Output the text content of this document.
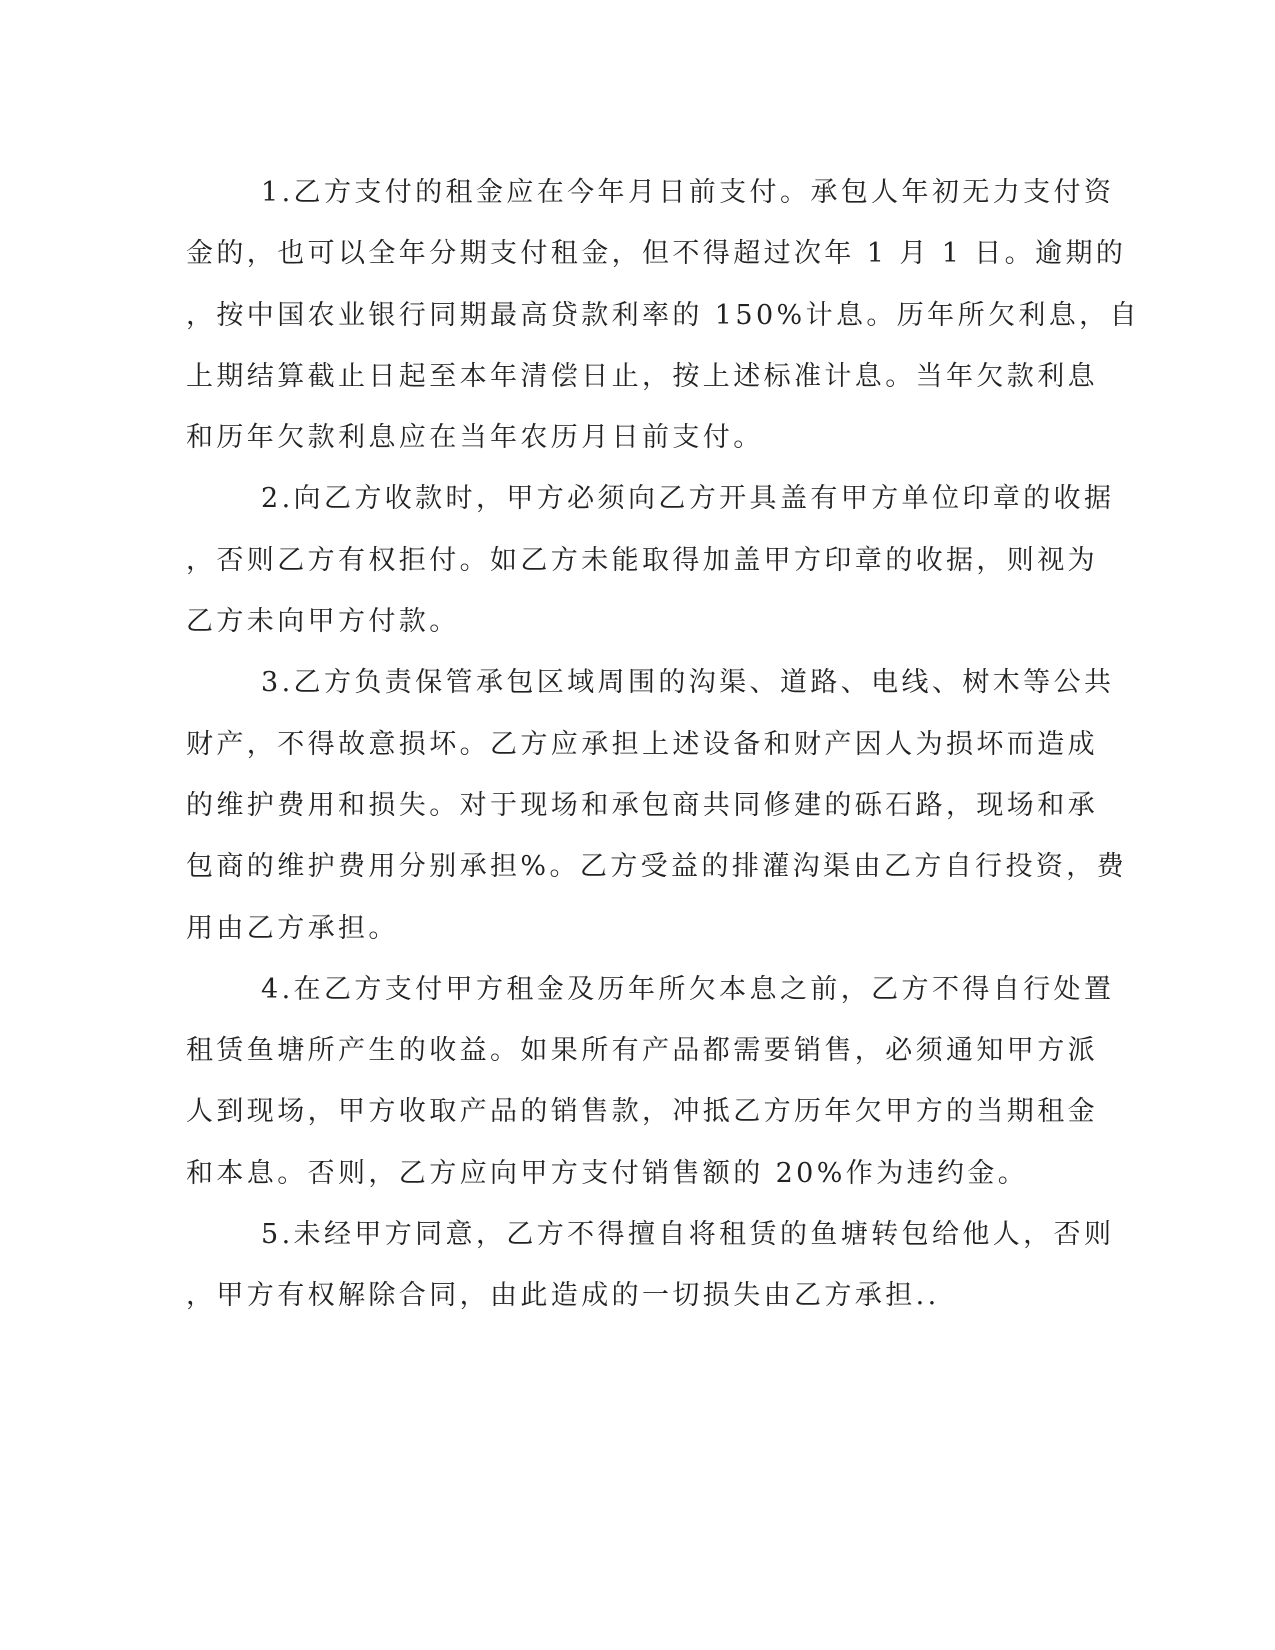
1.乙方支付的租金应在今年月日前支付。承包人年初无力支付资
金的，也可以全年分期支付租金，但不得超过次年 1 月 1 日。逾期的
，按中国农业银行同期最高贷款利率的 150%计息。历年所欠利息，自
上期结算截止日起至本年清偿日止，按上述标准计息。当年欠款利息
和历年欠款利息应在当年农历月日前支付。
2.向乙方收款时，甲方必须向乙方开具盖有甲方单位印章的收据
，否则乙方有权拒付。如乙方未能取得加盖甲方印章的收据，则视为
乙方未向甲方付款。
3.乙方负责保管承包区域周围的沟渠、道路、电线、树木等公共
财产，不得故意损坏。乙方应承担上述设备和财产因人为损坏而造成
的维护费用和损失。对于现场和承包商共同修建的砾石路，现场和承
包商的维护费用分别承担%。乙方受益的排灌沟渠由乙方自行投资，费
用由乙方承担。
4.在乙方支付甲方租金及历年所欠本息之前，乙方不得自行处置
租赁鱼塘所产生的收益。如果所有产品都需要销售，必须通知甲方派
人到现场，甲方收取产品的销售款，冲抵乙方历年欠甲方的当期租金
和本息。否则，乙方应向甲方支付销售额的 20%作为违约金。
5.未经甲方同意，乙方不得擅自将租赁的鱼塘转包给他人，否则
，甲方有权解除合同，由此造成的一切损失由乙方承担..
